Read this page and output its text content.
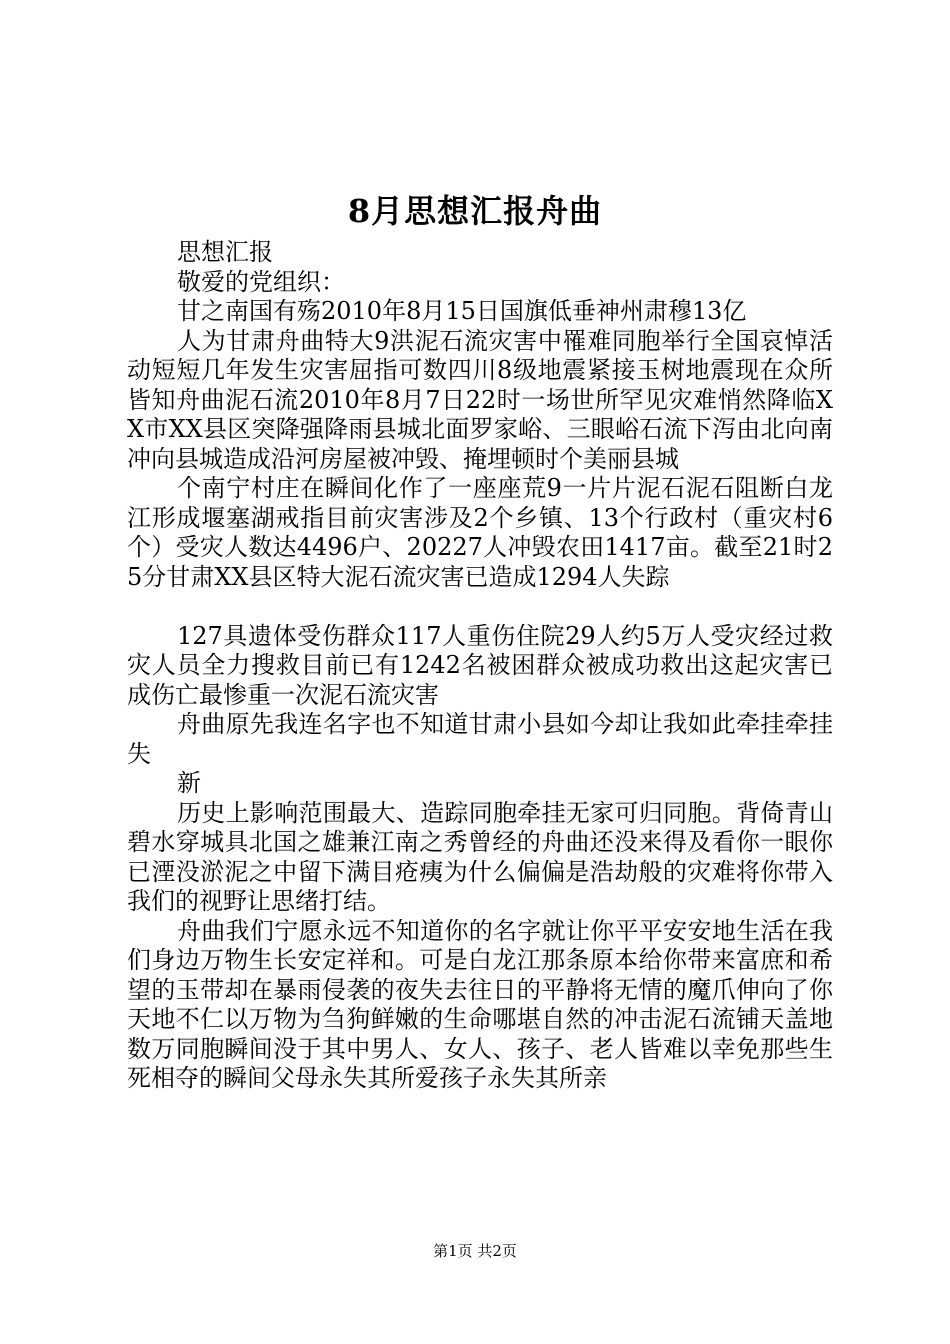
8月思想汇报舟曲

思想汇报

敬爱的党组织：

甘之南国有殇2010年8月15日国旗低垂神州肃穆13亿

人为甘肃舟曲特大9洪泥石流灾害中罹难同胞举行全国哀悼活动短短几年发生灾害屈指可数四川8级地震紧接玉树地震现在众所皆知舟曲泥石流2010年8月7日22时一场世所罕见灾难悄然降临XX市XX县区突降强降雨县城北面罗家峪、三眼峪石流下泻由北向南冲向县城造成沿河房屋被冲毁、掩埋顿时个美丽县城

个南宁村庄在瞬间化作了一座座荒9一片片泥石泥石阻断白龙江形成堰塞湖戒指目前灾害涉及2个乡镇、13个行政村（重灾村6个）受灾人数达4496户、20227人冲毁农田1417亩。截至21时25分甘肃XX县区特大泥石流灾害已造成1294人失踪

127具遗体受伤群众117人重伤住院29人约5万人受灾经过救灾人员全力搜救目前已有1242名被困群众被成功救出这起灾害已成伤亡最惨重一次泥石流灾害

舟曲原先我连名字也不知道甘肃小县如今却让我如此牵挂牵挂失

新

历史上影响范围最大、造踪同胞牵挂无家可归同胞。背倚青山碧水穿城具北国之雄兼江南之秀曾经的舟曲还没来得及看你一眼你已湮没淤泥之中留下满目疮痍为什么偏偏是浩劫般的灾难将你带入我们的视野让思绪打结。

舟曲我们宁愿永远不知道你的名字就让你平平安安地生活在我们身边万物生长安定祥和。可是白龙江那条原本给你带来富庶和希望的玉带却在暴雨侵袭的夜失去往日的平静将无情的魔爪伸向了你天地不仁以万物为刍狗鲜嫩的生命哪堪自然的冲击泥石流铺天盖地数万同胞瞬间没于其中男人、女人、孩子、老人皆难以幸免那些生死相夺的瞬间父母永失其所爱孩子永失其所亲

第1页 共2页
